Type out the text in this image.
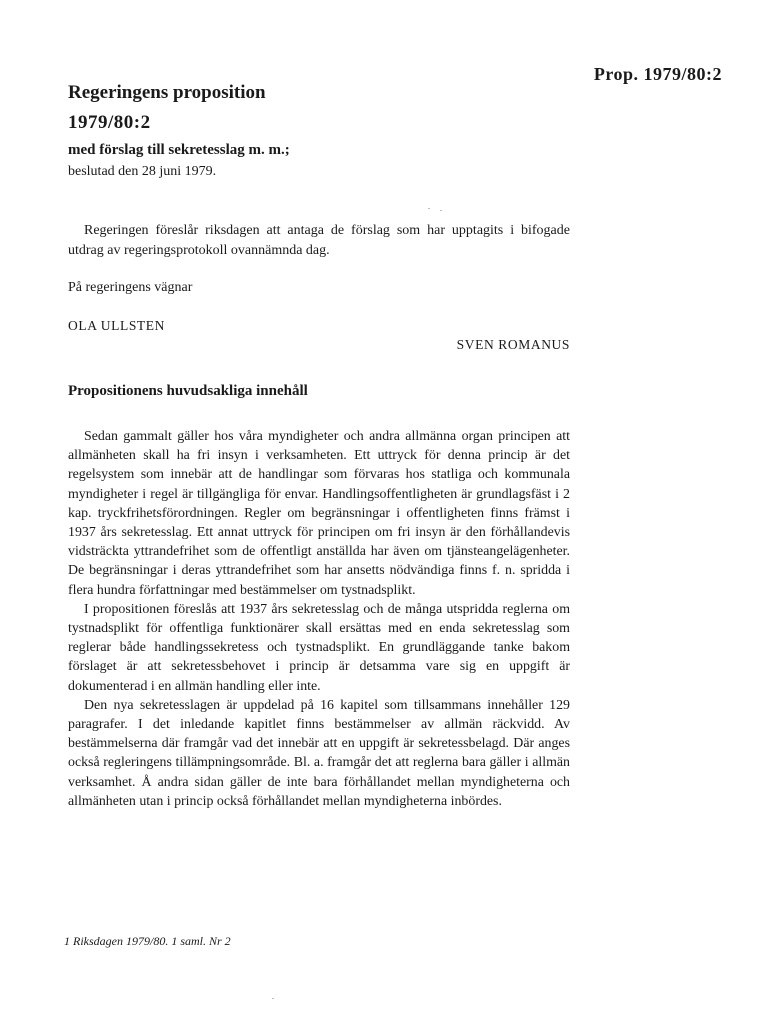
Prop. 1979/80:2
Regeringens proposition
1979/80:2
med förslag till sekretesslag m. m.;
beslutad den 28 juni 1979.

Regeringen föreslår riksdagen att antaga de förslag som har upptagits i bifogade utdrag av regeringsprotokoll ovannämnda dag.

På regeringens vägnar
OLA ULLSTEN
SVEN ROMANUS
Propositionens huvudsakliga innehåll

Sedan gammalt gäller hos våra myndigheter och andra allmänna organ principen att allmänheten skall ha fri insyn i verksamheten. Ett uttryck för denna princip är det regelsystem som innebär att de handlingar som förvaras hos statliga och kommunala myndigheter i regel är tillgängliga för envar. Handlingsoffentligheten är grundlagsfäst i 2 kap. tryckfrihetsförordningen. Regler om begränsningar i offentligheten finns främst i 1937 års sekretesslag. Ett annat uttryck för principen om fri insyn är den förhållandevis vidsträckta yttrandefrihet som de offentligt anställda har även om tjänsteangelägenheter. De begränsningar i deras yttrandefrihet som har ansetts nödvändiga finns f. n. spridda i flera hundra författningar med bestämmelser om tystnadsplikt.

I propositionen föreslås att 1937 års sekretesslag och de många utspridda reglerna om tystnadsplikt för offentliga funktionärer skall ersättas med en enda sekretesslag som reglerar både handlingssekretess och tystnadsplikt. En grundläggande tanke bakom förslaget är att sekretessbehovet i princip är detsamma vare sig en uppgift är dokumenterad i en allmän handling eller inte.

Den nya sekretesslagen är uppdelad på 16 kapitel som tillsammans innehåller 129 paragrafer. I det inledande kapitlet finns bestämmelser av allmän räckvidd. Av bestämmelserna där framgår vad det innebär att en uppgift är sekretessbelagd. Där anges också regleringens tillämpningsområde. Bl. a. framgår det att reglerna bara gäller i allmän verksamhet. Å andra sidan gäller de inte bara förhållandet mellan myndigheterna och allmänheten utan i princip också förhållandet mellan myndigheterna inbördes.

1 Riksdagen 1979/80. 1 saml. Nr 2
